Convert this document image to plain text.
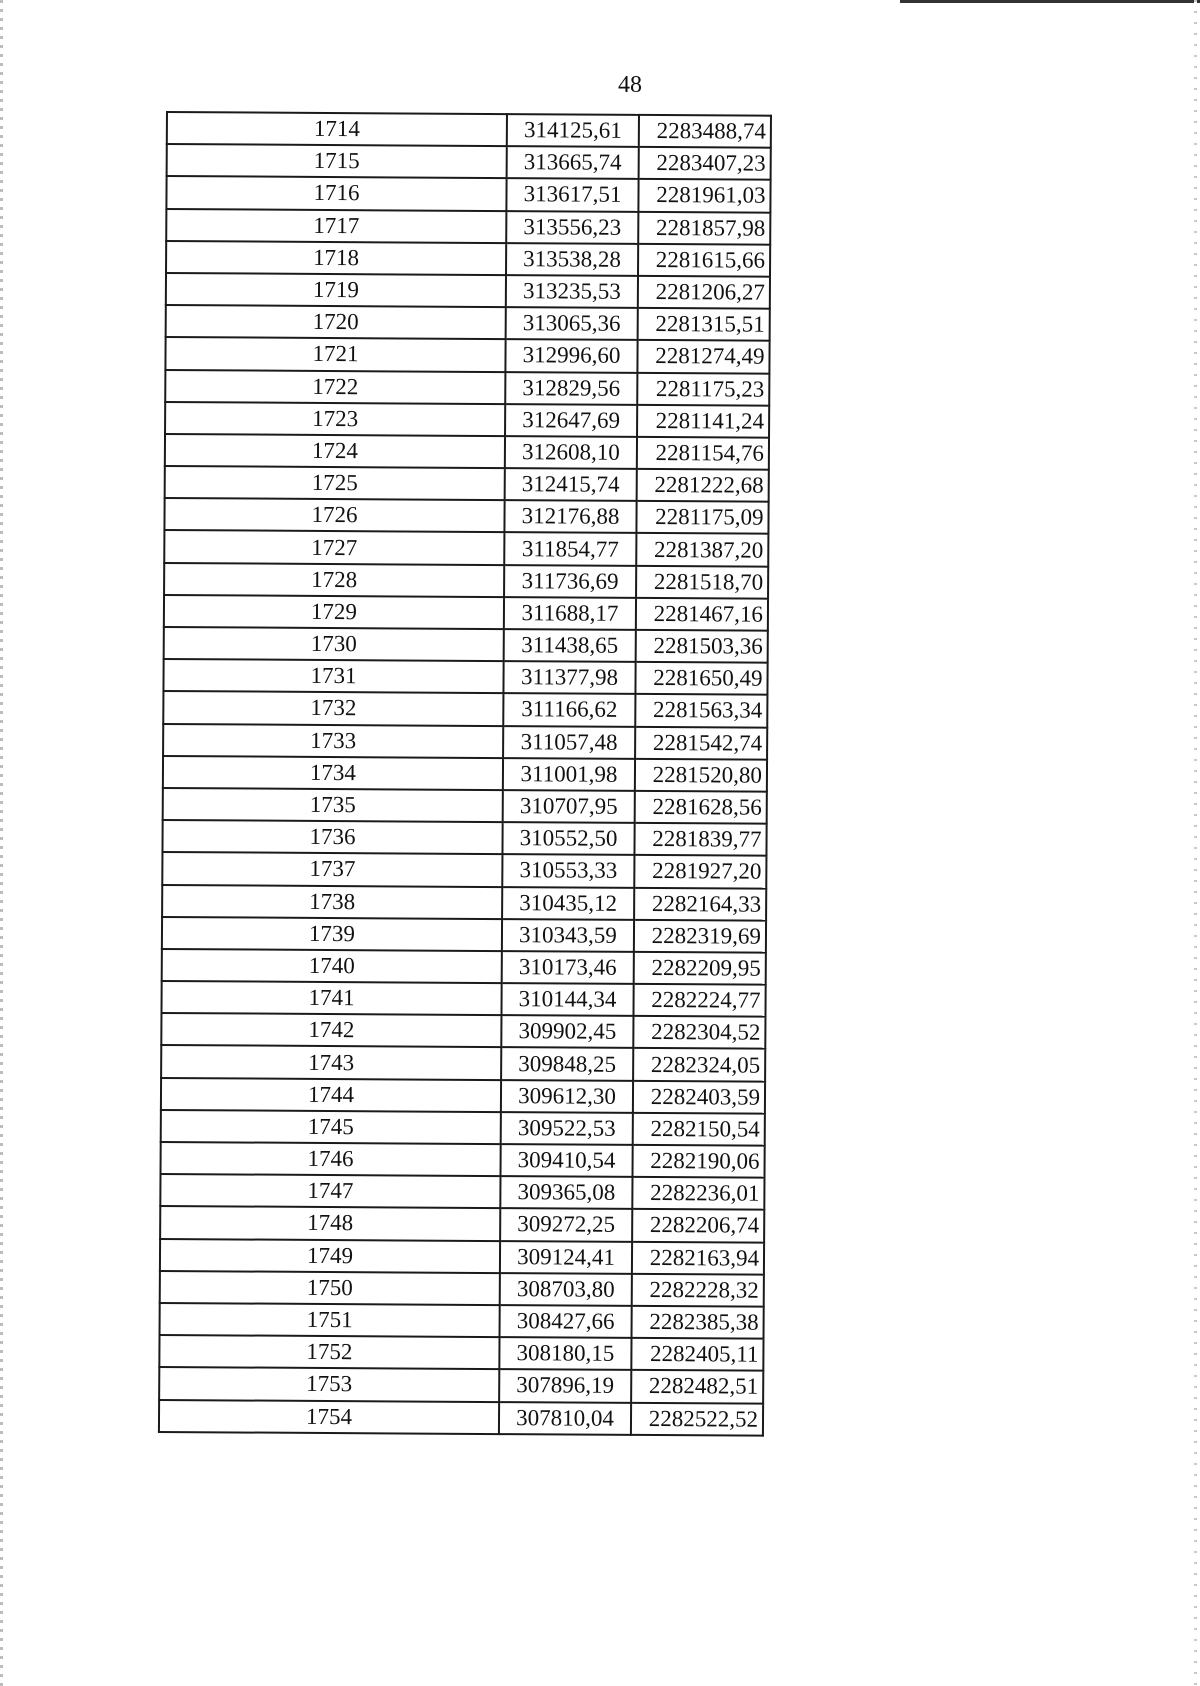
48
1714	314125,61	2283488,74
1715	313665,74	2283407,23
1716	313617,51	2281961,03
1717	313556,23	2281857,98
1718	313538,28	2281615,66
1719	313235,53	2281206,27
1720	313065,36	2281315,51
1721	312996,60	2281274,49
1722	312829,56	2281175,23
1723	312647,69	2281141,24
1724	312608,10	2281154,76
1725	312415,74	2281222,68
1726	312176,88	2281175,09
1727	311854,77	2281387,20
1728	311736,69	2281518,70
1729	311688,17	2281467,16
1730	311438,65	2281503,36
1731	311377,98	2281650,49
1732	311166,62	2281563,34
1733	311057,48	2281542,74
1734	311001,98	2281520,80
1735	310707,95	2281628,56
1736	310552,50	2281839,77
1737	310553,33	2281927,20
1738	310435,12	2282164,33
1739	310343,59	2282319,69
1740	310173,46	2282209,95
1741	310144,34	2282224,77
1742	309902,45	2282304,52
1743	309848,25	2282324,05
1744	309612,30	2282403,59
1745	309522,53	2282150,54
1746	309410,54	2282190,06
1747	309365,08	2282236,01
1748	309272,25	2282206,74
1749	309124,41	2282163,94
1750	308703,80	2282228,32
1751	308427,66	2282385,38
1752	308180,15	2282405,11
1753	307896,19	2282482,51
1754	307810,04	2282522,52
